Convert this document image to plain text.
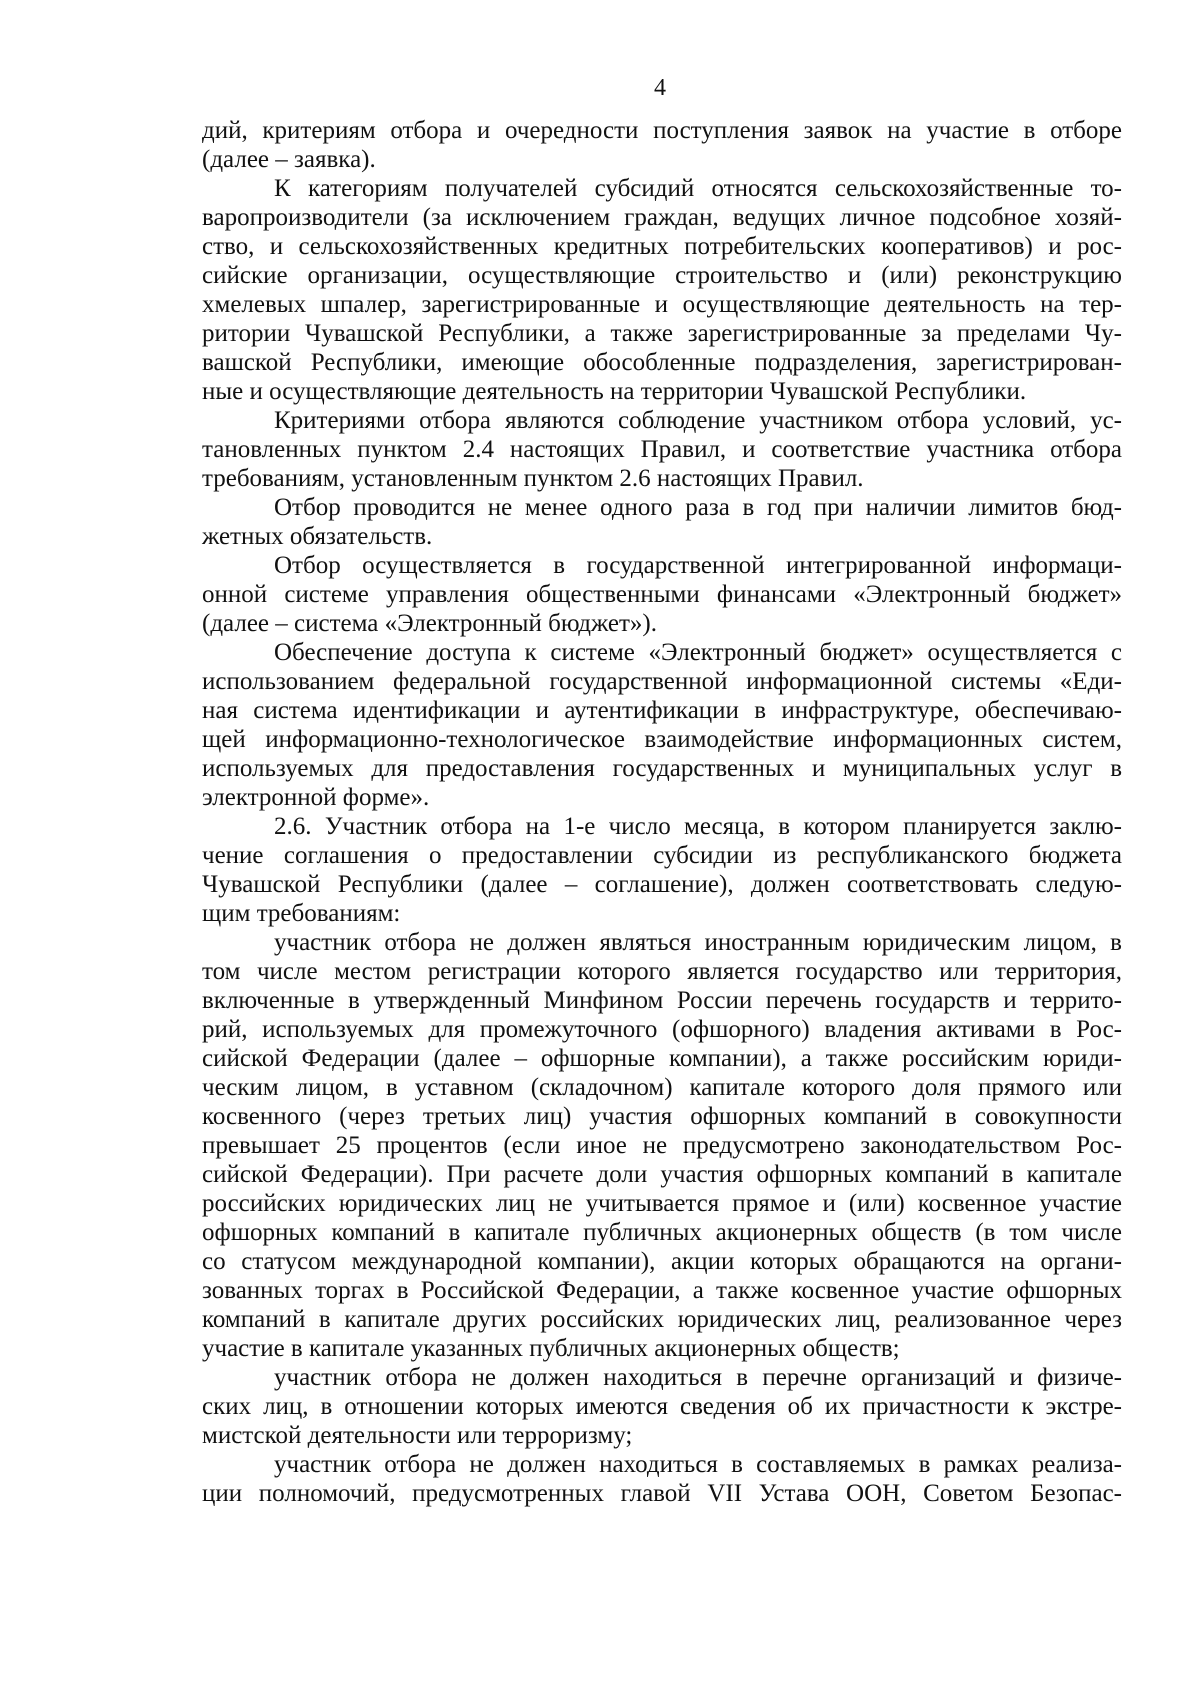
4
дий, критериям отбора и очередности поступления заявок на участие в отборе
(далее – заявка).
К категориям получателей субсидий относятся сельскохозяйственные то-
варопроизводители (за исключением граждан, ведущих личное подсобное хозяй-
ство, и сельскохозяйственных кредитных потребительских кооперативов) и рос-
сийские организации, осуществляющие строительство и (или) реконструкцию
хмелевых шпалер, зарегистрированные и осуществляющие деятельность на тер-
ритории Чувашской Республики, а также зарегистрированные за пределами Чу-
вашской Республики, имеющие обособленные подразделения, зарегистрирован-
ные и осуществляющие деятельность на территории Чувашской Республики.
Критериями отбора являются соблюдение участником отбора условий, ус-
тановленных пунктом 2.4 настоящих Правил, и соответствие участника отбора
требованиям, установленным пунктом 2.6 настоящих Правил.
Отбор проводится не менее одного раза в год при наличии лимитов бюд-
жетных обязательств.
Отбор осуществляется в государственной интегрированной информаци-
онной системе управления общественными финансами «Электронный бюджет»
(далее – система «Электронный бюджет»).
Обеспечение доступа к системе «Электронный бюджет» осуществляется с
использованием федеральной государственной информационной системы «Еди-
ная система идентификации и аутентификации в инфраструктуре, обеспечиваю-
щей информационно-технологическое взаимодействие информационных систем,
используемых для предоставления государственных и муниципальных услуг в
электронной форме».
2.6. Участник отбора на 1-е число месяца, в котором планируется заклю-
чение соглашения о предоставлении субсидии из республиканского бюджета
Чувашской Республики (далее – соглашение), должен соответствовать следую-
щим требованиям:
участник отбора не должен являться иностранным юридическим лицом, в
том числе местом регистрации которого является государство или территория,
включенные в утвержденный Минфином России перечень государств и террито-
рий, используемых для промежуточного (офшорного) владения активами в Рос-
сийской Федерации (далее – офшорные компании), а также российским юриди-
ческим лицом, в уставном (складочном) капитале которого доля прямого или
косвенного (через третьих лиц) участия офшорных компаний в совокупности
превышает 25 процентов (если иное не предусмотрено законодательством Рос-
сийской Федерации). При расчете доли участия офшорных компаний в капитале
российских юридических лиц не учитывается прямое и (или) косвенное участие
офшорных компаний в капитале публичных акционерных обществ (в том числе
со статусом международной компании), акции которых обращаются на органи-
зованных торгах в Российской Федерации, а также косвенное участие офшорных
компаний в капитале других российских юридических лиц, реализованное через
участие в капитале указанных публичных акционерных обществ;
участник отбора не должен находиться в перечне организаций и физиче-
ских лиц, в отношении которых имеются сведения об их причастности к экстре-
мистской деятельности или терроризму;
участник отбора не должен находиться в составляемых в рамках реализа-
ции полномочий, предусмотренных главой VII Устава ООН, Советом Безопас-
